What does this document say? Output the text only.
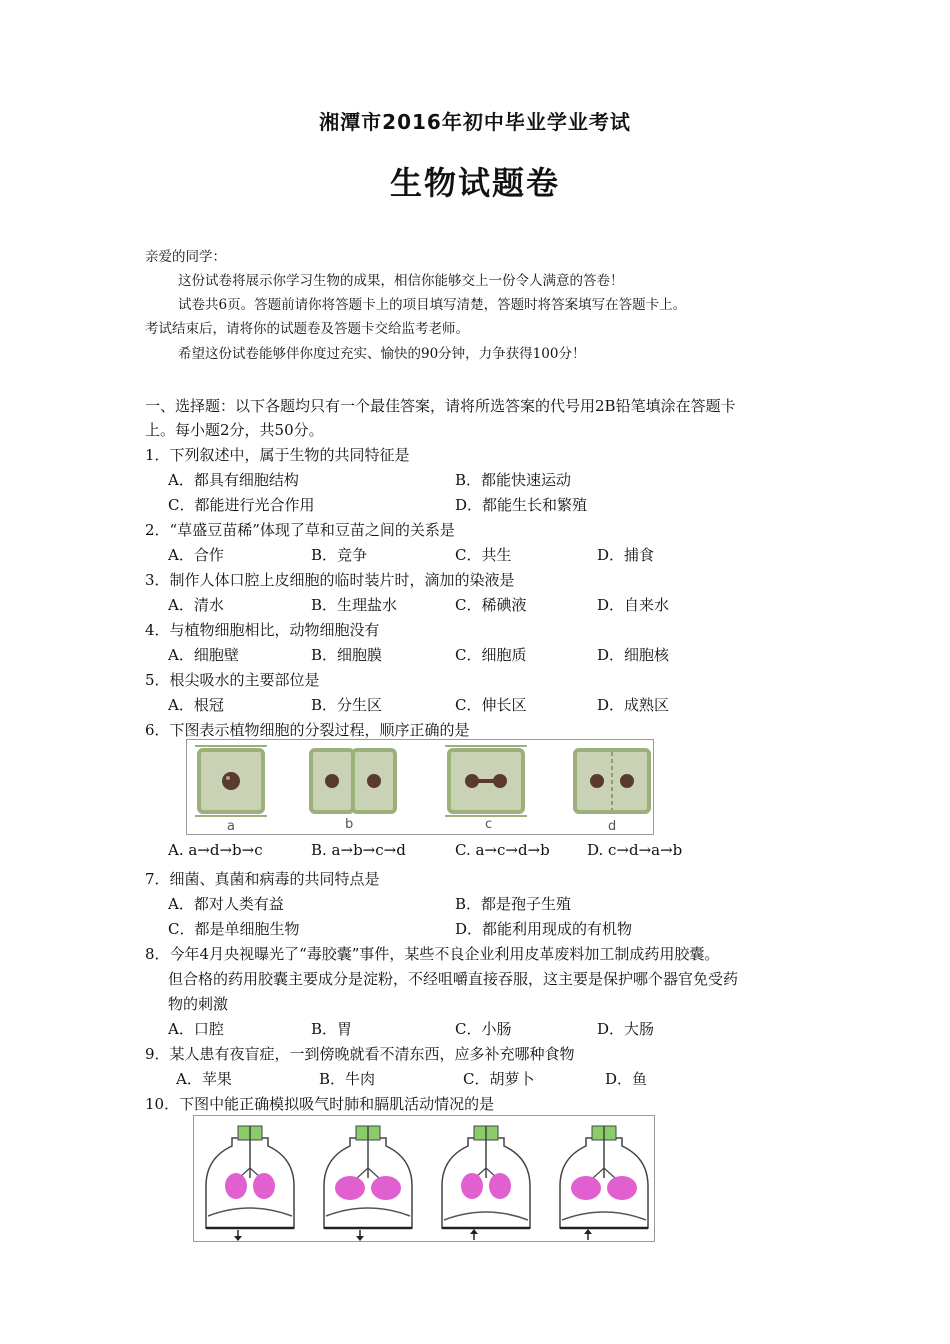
湘潭市2016年初中毕业学业考试
生物试题卷
亲爱的同学：
这份试卷将展示你学习生物的成果，相信你能够交上一份令人满意的答卷！
试卷共6页。答题前请你将答题卡上的项目填写清楚，答题时将答案填写在答题卡上。
考试结束后，请将你的试题卷及答题卡交给监考老师。
希望这份试卷能够伴你度过充实、愉快的90分钟，力争获得100分！
一、选择题：以下各题均只有一个最佳答案，请将所选答案的代号用2B铅笔填涂在答题卡
上。每小题2分，共50分。
1．下列叙述中，属于生物的共同特征是
A．都具有细胞结构	B．都能快速运动
C．都能进行光合作用	D．都能生长和繁殖
2．“草盛豆苗稀”体现了草和豆苗之间的关系是
A．合作	B．竞争	C．共生	D．捕食
3．制作人体口腔上皮细胞的临时装片时，滴加的染液是
A．清水	B．生理盐水	C．稀碘液	D．自来水
4．与植物细胞相比，动物细胞没有
A．细胞壁	B．细胞膜	C．细胞质	D．细胞核
5．根尖吸水的主要部位是
A．根冠	B．分生区	C．伸长区	D．成熟区
6．下图表示植物细胞的分裂过程，顺序正确的是
a	b	c	d
A. a→d→b→c	B. a→b→c→d	C. a→c→d→b D. c→d→a→b
7．细菌、真菌和病毒的共同特点是
A．都对人类有益	B．都是孢子生殖
C．都是单细胞生物	D．都能利用现成的有机物
8．今年4月央视曝光了“毒胶囊”事件，某些不良企业利用皮革废料加工制成药用胶囊。
但合格的药用胶囊主要成分是淀粉，不经咀嚼直接吞服，这主要是保护哪个器官免受药
物的刺激
A．口腔	B．胃	C．小肠	D．大肠
9．某人患有夜盲症，一到傍晚就看不清东西，应多补充哪种食物
A．苹果	B．牛肉	C．胡萝卜	D．鱼
10．下图中能正确模拟吸气时肺和膈肌活动情况的是
